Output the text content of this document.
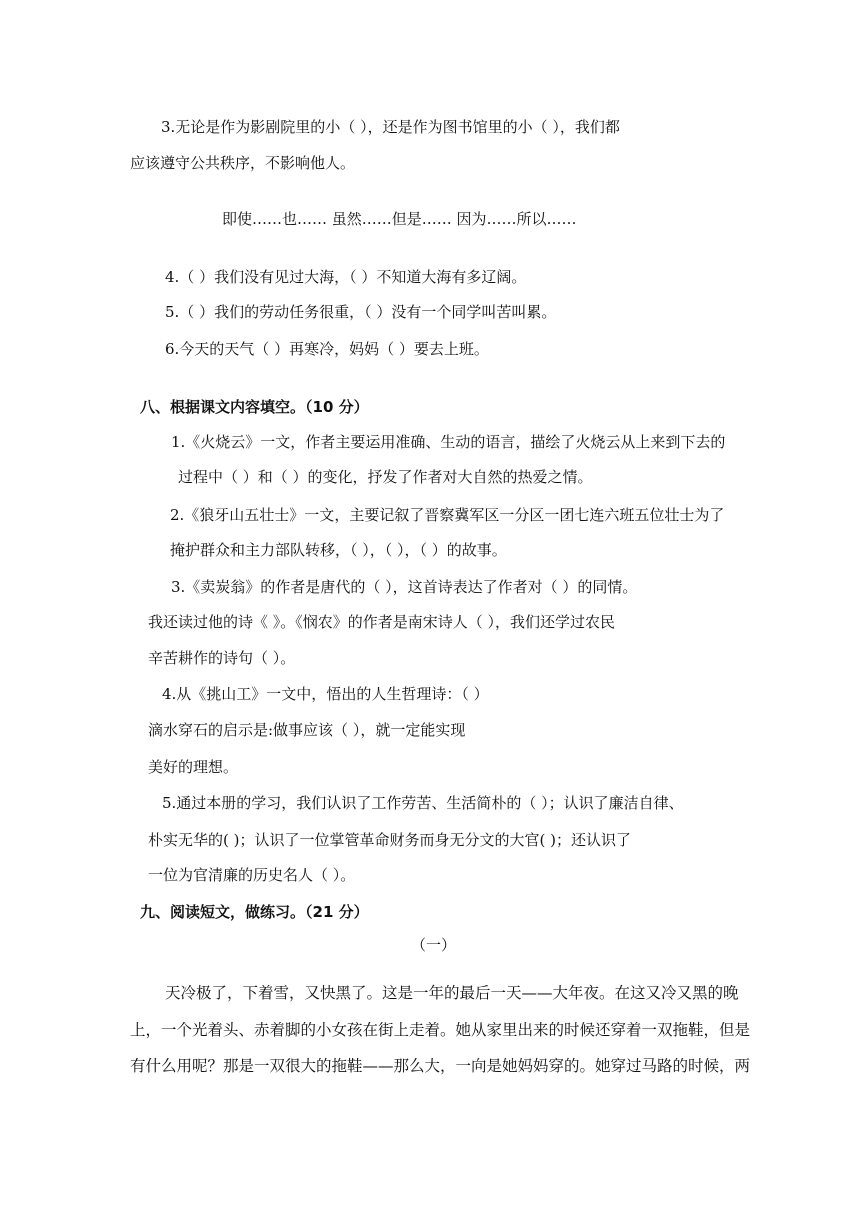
3.无论是作为影剧院里的小（ ），还是作为图书馆里的小（ ），我们都
应该遵守公共秩序，不影响他人。
即使……也…… 虽然……但是…… 因为……所以……
4.（ ）我们没有见过大海，（ ）不知道大海有多辽阔。
5.（ ）我们的劳动任务很重，（ ）没有一个同学叫苦叫累。
6.今天的天气（ ）再寒冷，妈妈（ ）要去上班。
八、根据课文内容填空。（10 分）
1.《火烧云》一文，作者主要运用准确、生动的语言，描绘了火烧云从上来到下去的
过程中（ ）和（ ）的变化，抒发了作者对大自然的热爱之情。
2.《狼牙山五壮士》一文，主要记叙了晋察冀军区一分区一团七连六班五位壮士为了
掩护群众和主力部队转移，（ ），（ ），（ ）的故事。
3.《卖炭翁》的作者是唐代的（ ），这首诗表达了作者对（ ）的同情。
我还读过他的诗《 》。《悯农》的作者是南宋诗人（ ），我们还学过农民
辛苦耕作的诗句（ ）。
4.从《挑山工》一文中，悟出的人生哲理诗：（ ）
滴水穿石的启示是:做事应该（ ），就一定能实现
美好的理想。
5.通过本册的学习，我们认识了工作劳苦、生活简朴的（ ）；认识了廉洁自律、
朴实无华的( )；认识了一位掌管革命财务而身无分文的大官( )；还认识了
一位为官清廉的历史名人（ ）。
九、阅读短文，做练习。（21 分）
（一）
天冷极了，下着雪，又快黑了。这是一年的最后一天——大年夜。在这又冷又黑的晚
上，一个光着头、赤着脚的小女孩在街上走着。她从家里出来的时候还穿着一双拖鞋，但是
有什么用呢？那是一双很大的拖鞋——那么大，一向是她妈妈穿的。她穿过马路的时候，两
